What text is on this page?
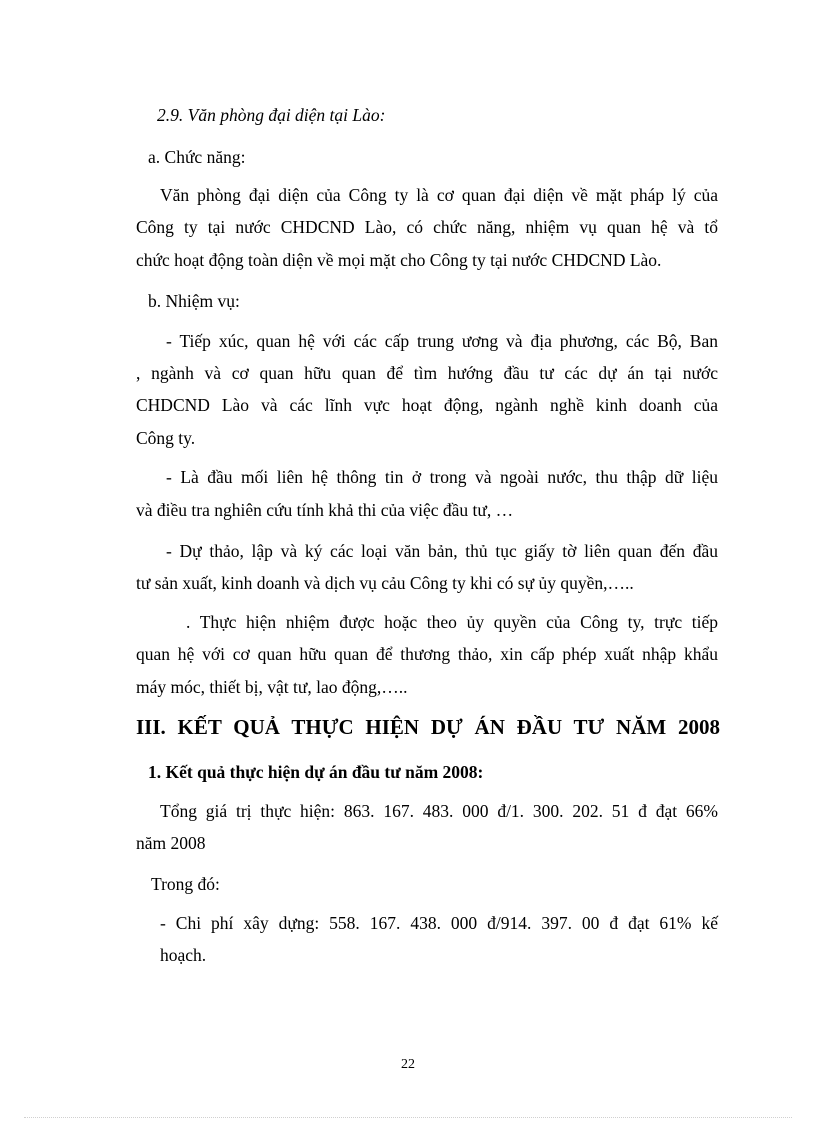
2.9. Văn phòng đại diện tại Lào:
a. Chức năng:
Văn phòng đại diện của Công ty là cơ quan đại diện về mặt pháp lý của
Công ty tại nước CHDCND Lào, có chức năng, nhiệm vụ quan hệ và tổ
chức hoạt động toàn diện về mọi mặt cho Công ty tại nước CHDCND Lào.
b. Nhiệm vụ:
- Tiếp xúc, quan hệ với các cấp trung ương và địa phương, các Bộ, Ban
, ngành và cơ quan hữu quan để tìm hướng đầu tư các dự án tại nước
CHDCND Lào và các lĩnh vực hoạt động, ngành nghề kinh doanh của
Công ty.
- Là đầu mối liên hệ thông tin ở trong và ngoài nước, thu thập dữ liệu
và điều tra nghiên cứu tính khả thi của việc đầu tư, …
- Dự thảo, lập và ký các loại văn bản, thủ tục giấy tờ liên quan đến đầu
tư sản xuất, kinh doanh và dịch vụ cảu Công ty khi có sự ủy quyền,…..
. Thực hiện nhiệm được hoặc theo ủy quyền của Công ty, trực tiếp
quan hệ với cơ quan hữu quan để thương thảo, xin cấp phép xuất nhập khẩu
máy móc, thiết bị, vật tư, lao động,…..
III. KẾT QUẢ THỰC HIỆN DỰ ÁN ĐẦU TƯ NĂM 2008
1. Kết quả thực hiện dự án đầu tư năm 2008:
Tổng giá trị thực hiện: 863. 167. 483. 000 đ/1. 300. 202. 51 đ đạt 66%
năm 2008
Trong đó:
- Chi phí xây dựng: 558. 167. 438. 000 đ/914. 397. 00 đ đạt 61% kế
hoạch.
22
